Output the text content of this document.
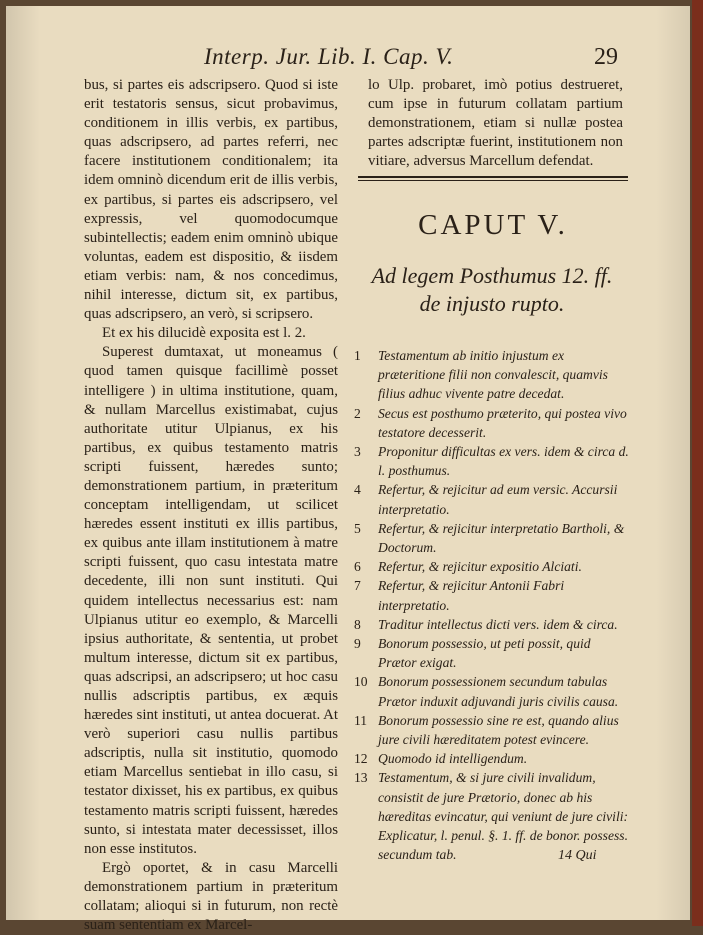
Interp. Jur. Lib. I. Cap. V.	29

bus, si partes eis adscripsero. Quod si iste erit testatoris sensus, sicut probavimus, conditionem in illis verbis, ex partibus, quas adscripsero, ad partes referri, nec facere institutionem conditionalem; ita idem omninò dicendum erit de illis verbis, ex partibus, si partes eis adscripsero, vel expressis, vel quomodocumque subintellectis; eadem enim omninò ubique voluntas, eadem est dispositio, & iisdem etiam verbis: nam, & nos concedimus, nihil interesse, dictum sit, ex partibus, quas adscripsero, an verò, si scripsero.

Et ex his dilucidè exposita est l. 2.

Superest dumtaxat, ut moneamus ( quod tamen quisque facillimè posset intelligere ) in ultima institutione, quam, & nullam Marcellus existimabat, cujus authoritate utitur Ulpianus, ex his partibus, ex quibus testamento matris scripti fuissent, hæredes sunto; demonstrationem partium, in præteritum conceptam intelligendam, ut scilicet hæredes essent instituti ex illis partibus, ex quibus ante illam institutionem à matre scripti fuissent, quo casu intestata matre decedente, illi non sunt instituti. Qui quidem intellectus necessarius est: nam Ulpianus utitur eo exemplo, & Marcelli ipsius authoritate, & sententia, ut probet multum interesse, dictum sit ex partibus, quas adscripsi, an adscripsero; ut hoc casu nullis adscriptis partibus, ex æquis hæredes sint instituti, ut antea docuerat. At verò superiori casu nullis partibus adscriptis, nulla sit institutio, quomodo etiam Marcellus sentiebat in illo casu, si testator dixisset, his ex partibus, ex quibus testamento matris scripti fuissent, hæredes sunto, si intestata mater decessisset, illos non esse institutos.

Ergò oportet, & in casu Marcelli demonstrationem partium in præteritum collatam; alioqui si in futurum, non rectè suam sententiam ex Marcel-

lo Ulp. probaret, imò potius destrueret, cum ipse in futurum collatam partium demonstrationem, etiam si nullæ postea partes adscriptæ fuerint, institutionem non vitiare, adversus Marcellum defendat.
CAPUT V.
Ad legem Posthumus 12. ff.
de injusto rupto.

1 Testamentum ab initio injustum ex præteritione filii non convalescit, quamvis filius adhuc vivente patre decedat.

2 Secus est posthumo præterito, qui postea vivo testatore decesserit.

3 Proponitur difficultas ex vers. idem & circa d. l. posthumus.

4 Refertur, & rejicitur ad eum versic. Accursii interpretatio.

5 Refertur, & rejicitur interpretatio Bartholi, & Doctorum.

6 Refertur, & rejicitur expositio Alciati.

7 Refertur, & rejicitur Antonii Fabri interpretatio.

8 Traditur intellectus dicti vers. idem & circa.

9 Bonorum possessio, ut peti possit, quid Prætor exigat.

10 Bonorum possessionem secundum tabulas Prætor induxit adjuvandi juris civilis causa.

11 Bonorum possessio sine re est, quando alius jure civili hæreditatem potest evincere.

12 Quomodo id intelligendum.

13 Testamentum, & si jure civili invalidum, consistit de jure Prætorio, donec ab his hæreditas evincatur, qui veniunt de jure civili: Explicatur, l. penul. §. 1. ff. de bonor. possess. secundum tab.	14 Qui
